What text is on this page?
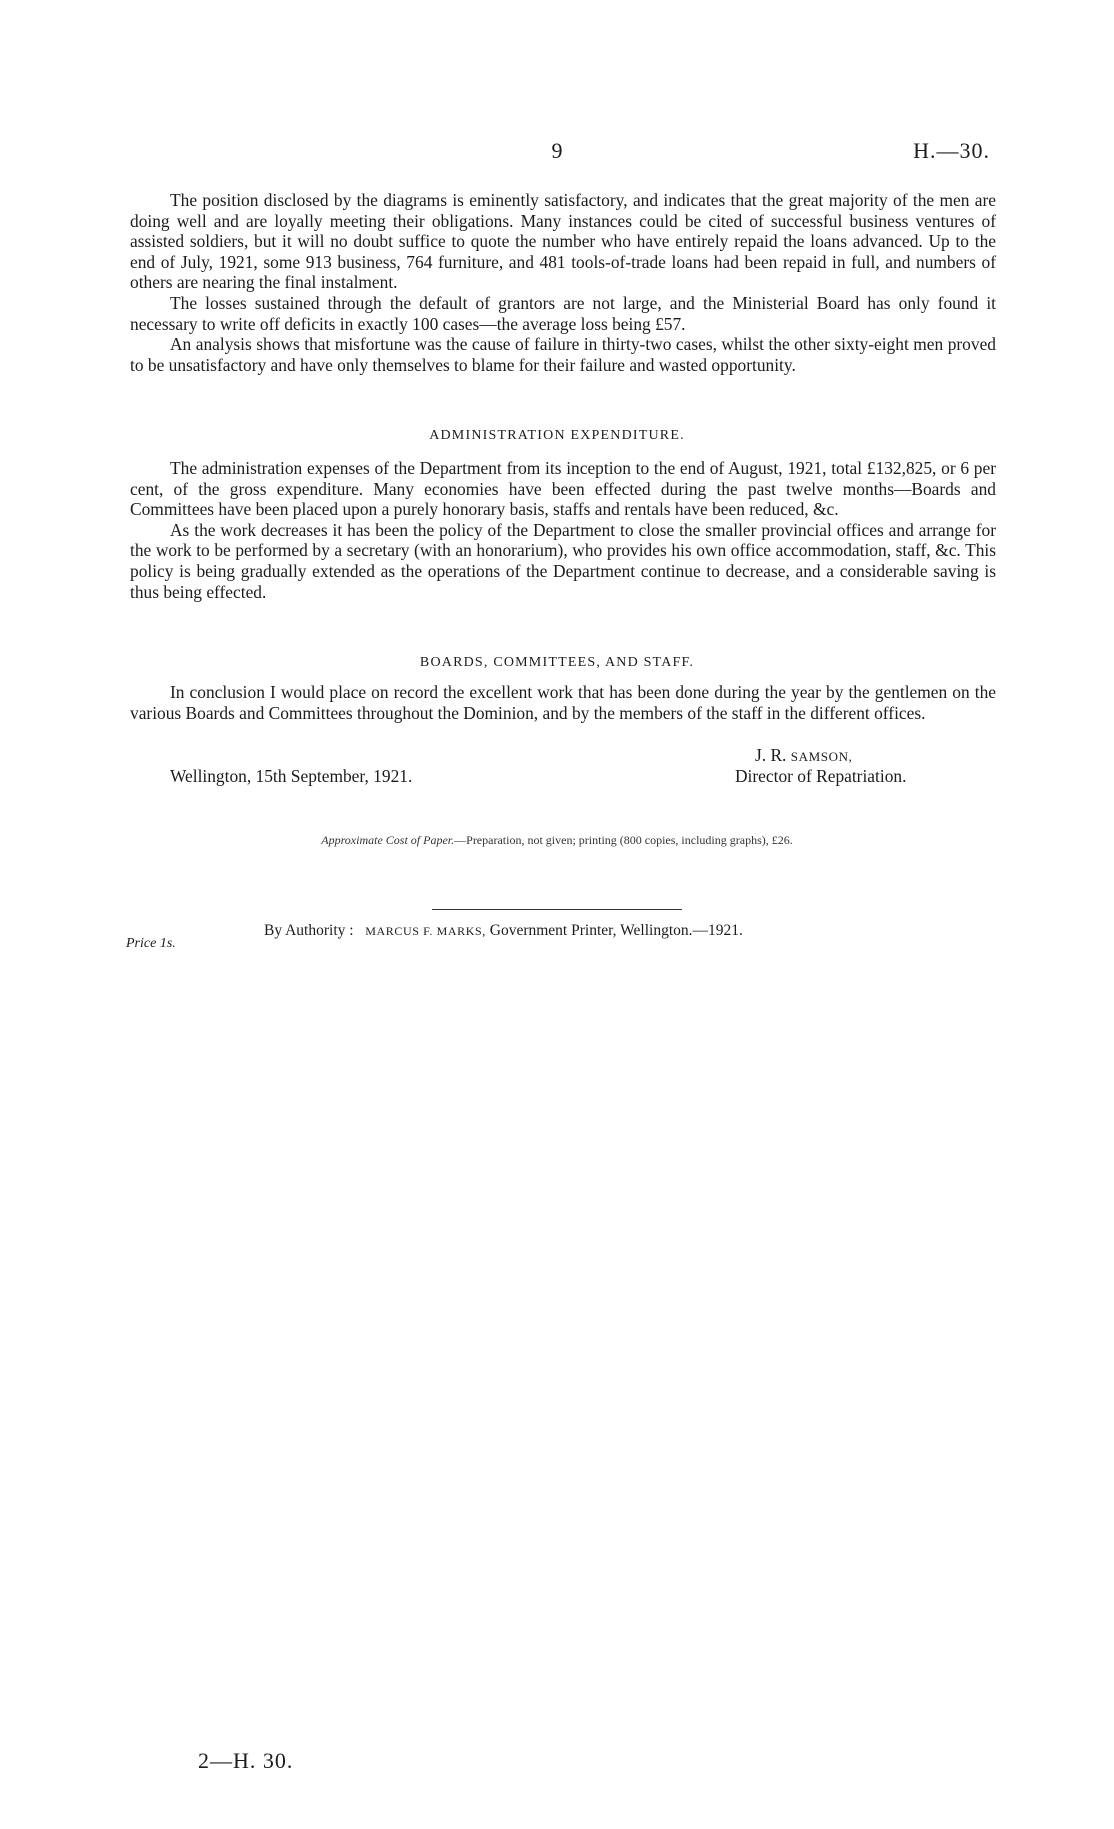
9	H.—30.

The position disclosed by the diagrams is eminently satisfactory, and indicates that the great majority of the men are doing well and are loyally meeting their obligations. Many instances could be cited of successful business ventures of assisted soldiers, but it will no doubt suffice to quote the number who have entirely repaid the loans advanced. Up to the end of July, 1921, some 913 business, 764 furniture, and 481 tools-of-trade loans had been repaid in full, and numbers of others are nearing the final instalment.

The losses sustained through the default of grantors are not large, and the Ministerial Board has only found it necessary to write off deficits in exactly 100 cases—the average loss being £57.

An analysis shows that misfortune was the cause of failure in thirty-two cases, whilst the other sixty-eight men proved to be unsatisfactory and have only themselves to blame for their failure and wasted opportunity.

ADMINISTRATION EXPENDITURE.

The administration expenses of the Department from its inception to the end of August, 1921, total £132,825, or 6 per cent, of the gross expenditure. Many economies have been effected during the past twelve months—Boards and Committees have been placed upon a purely honorary basis, staffs and rentals have been reduced, &c.

As the work decreases it has been the policy of the Department to close the smaller provincial offices and arrange for the work to be performed by a secretary (with an honorarium), who provides his own office accommodation, staff, &c. This policy is being gradually extended as the operations of the Department continue to decrease, and a considerable saving is thus being effected.

BOARDS, COMMITTEES, AND STAFF.

In conclusion I would place on record the excellent work that has been done during the year by the gentlemen on the various Boards and Committees throughout the Dominion, and by the members of the staff in the different offices.

J. R. SAMSON,
Director of Repatriation.
Wellington, 15th September, 1921.
Approximate Cost of Paper.—Preparation, not given; printing (800 copies, including graphs), £26.
By Authority : MARCUS F. MARKS, Government Printer, Wellington.—1921.
Price 1s.
2—H. 30.
